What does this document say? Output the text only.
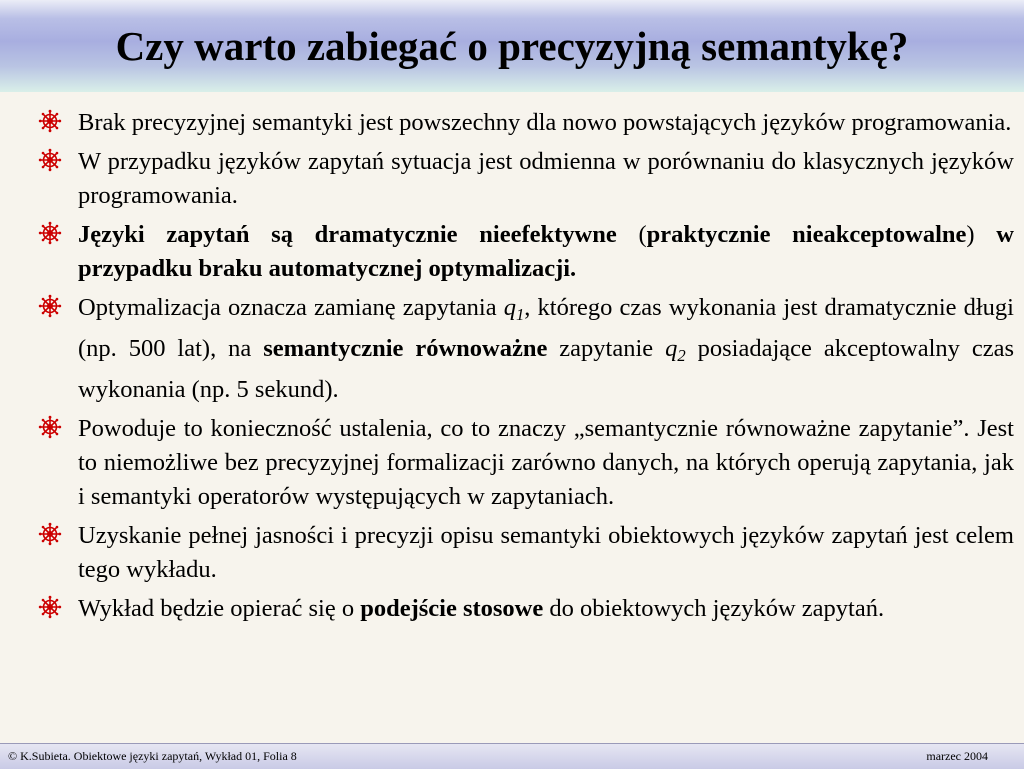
Czy warto zabiegać o precyzyjną semantykę?
Brak precyzyjnej semantyki jest powszechny dla nowo powstających języków programowania.
W przypadku języków zapytań sytuacja jest odmienna w porównaniu do klasycznych języków programowania.
Języki zapytań są dramatycznie nieefektywne (praktycznie nieakceptowalne) w przypadku braku automatycznej optymalizacji.
Optymalizacja oznacza zamianę zapytania $q_1$, którego czas wykonania jest dramatycznie długi (np. 500 lat), na semantycznie równoważne zapytanie $q_2$ posiadające akceptowalny czas wykonania (np. 5 sekund).
Powoduje to konieczność ustalenia, co to znaczy „semantycznie równoważne zapytanie”. Jest to niemożliwe bez precyzyjnej formalizacji zarówno danych, na których operują zapytania, jak i semantyki operatorów występujących w zapytaniach.
Uzyskanie pełnej jasności i precyzji opisu semantyki obiektowych języków zapytań jest celem tego wykładu.
Wykład będzie opierać się o podejście stosowe do obiektowych języków zapytań.
© K.Subieta. Obiektowe języki zapytań, Wykład 01, Folia 8	marzec 2004
